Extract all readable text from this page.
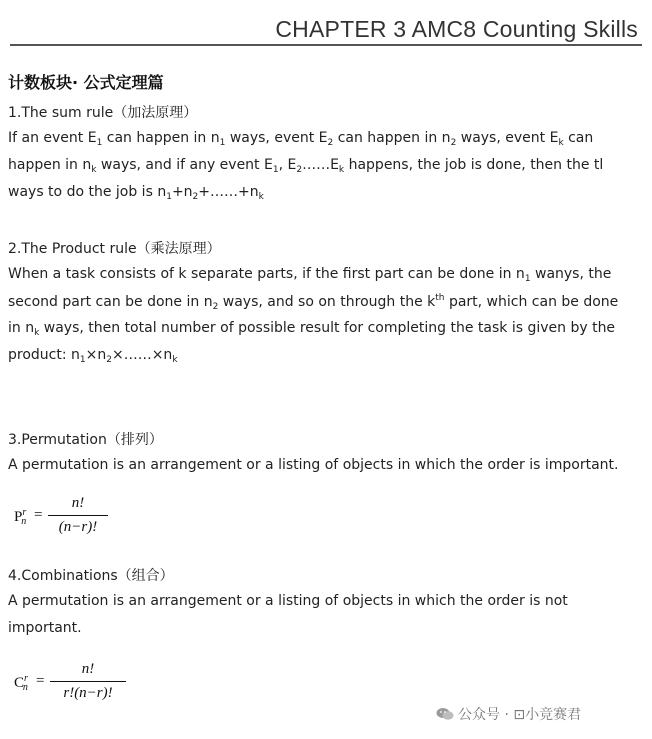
CHAPTER 3 AMC8 Counting Skills
计数板块· 公式定理篇
1.The sum rule（加法原理）
If an event $E_1$ can happen in $n_1$ ways, event $E_2$ can happen in $n_2$ ways, event $E_k$ can
happen in $n_k$ ways, and if any event $E_1$, $E_2\dots\dots E_k$ happens, the job is done, then the tl
ways to do the job is $n_1+n_2+\dots\dots+n_k$
2.The Product rule（乘法原理）
When a task consists of k separate parts, if the first part can be done in $n_1$ wanys, the
second part can be done in $n_2$ ways, and so on through the $k^{th}$ part, which can be done
in $n_k$ ways, then total number of possible result for completing the task is given by the
product: $n_1\times n_2\times\dots\dots\times n_k$
3.Permutation（排列）
A permutation is an arrangement or a listing of objects in which the order is important.
$P^r_n$ =
n!
(n−r)!
4.Combinations（组合）
A permutation is an arrangement or a listing of objects in which the order is not
important.
$C^r_n$ =
n!
r!(n−r)!
公众号 · ⊡小竞赛君
